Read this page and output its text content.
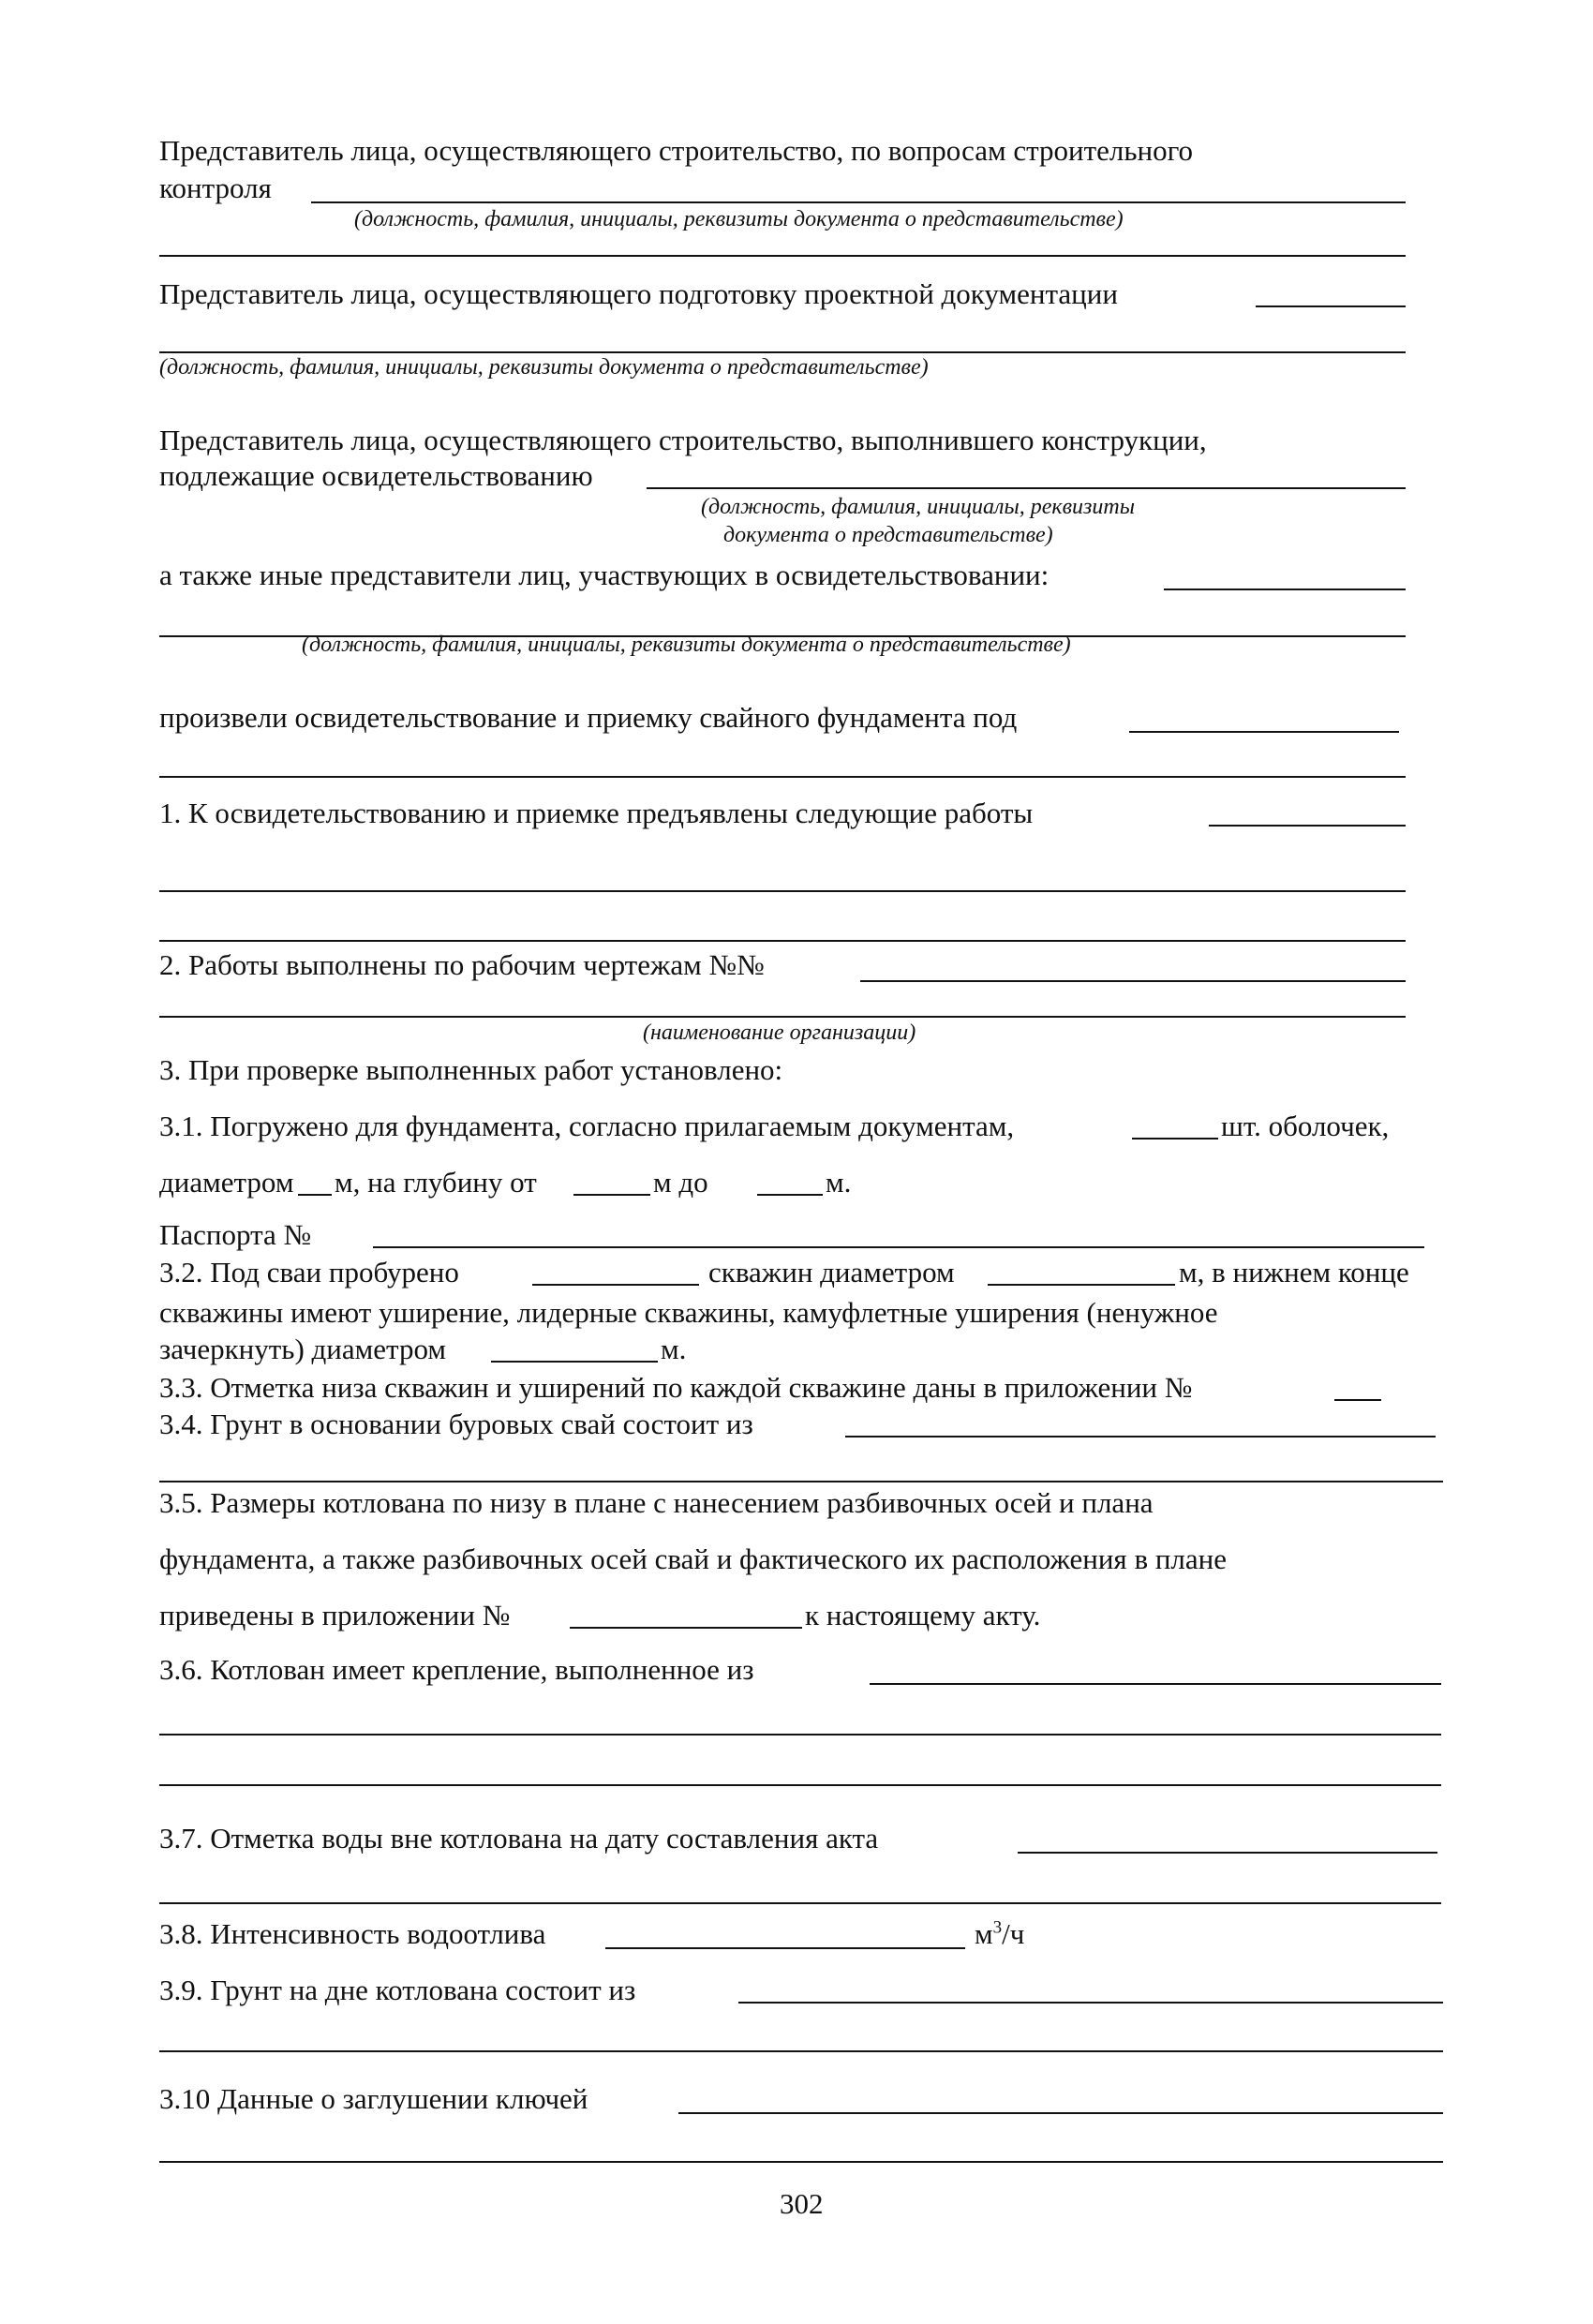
Представитель лица, осуществляющего строительство, по вопросам строительного
контроля
(должность, фамилия, инициалы, реквизиты документа о представительстве)
Представитель лица, осуществляющего подготовку проектной документации
(должность, фамилия, инициалы, реквизиты документа о представительстве)
Представитель лица, осуществляющего строительство, выполнившего конструкции,
подлежащие освидетельствованию
(должность, фамилия, инициалы, реквизиты
документа о представительстве)
а также иные представители лиц, участвующих в освидетельствовании:
(должность, фамилия, инициалы, реквизиты документа о представительстве)
произвели освидетельствование и приемку свайного фундамента под
1. К освидетельствованию и приемке предъявлены следующие работы
2. Работы выполнены по рабочим чертежам №№
(наименование организации)
3. При проверке выполненных работ установлено:
3.1. Погружено для фундамента, согласно прилагаемым документам,	шт. оболочек,
диаметром м, на глубину от	м до	м.
Паспорта №
3.2. Под сваи пробурено	скважин диаметром	м, в нижнем конце
скважины имеют уширение, лидерные скважины, камуфлетные уширения (ненужное
зачеркнуть) диаметром	м.
3.3. Отметка низа скважин и уширений по каждой скважине даны в приложении №
3.4. Грунт в основании буровых свай состоит из
3.5. Размеры котлована по низу в плане с нанесением разбивочных осей и плана
фундамента, а также разбивочных осей свай и фактического их расположения в плане
приведены в приложении №	к настоящему акту.
3.6. Котлован имеет крепление, выполненное из
3.7. Отметка воды вне котлована на дату составления акта
3.8. Интенсивность водоотлива	$м^3/ч$
3.9. Грунт на дне котлована состоит из
3.10 Данные о заглушении ключей
302
